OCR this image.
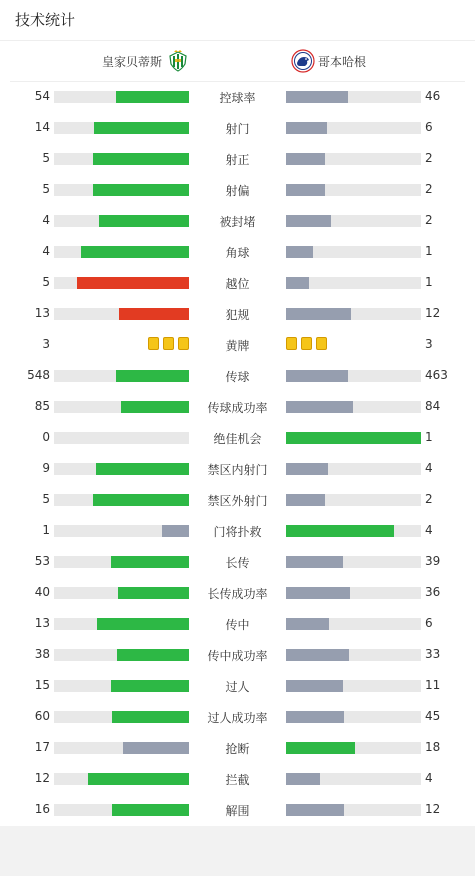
技术统计
皇家贝蒂斯	哥本哈根
54	控球率	46
14	射门	6
5	射正	2
5	射偏	2
4	被封堵	2
4	角球	1
5	越位	1
13	犯规	12
3	黄牌	3
548	传球	463
85	传球成功率	84
0	绝佳机会	1
9	禁区内射门	4
5	禁区外射门	2
1	门将扑救	4
53	长传	39
40	长传成功率	36
13	传中	6
38	传中成功率	33
15	过人	11
60	过人成功率	45
17	抢断	18
12	拦截	4
16	解围	12
